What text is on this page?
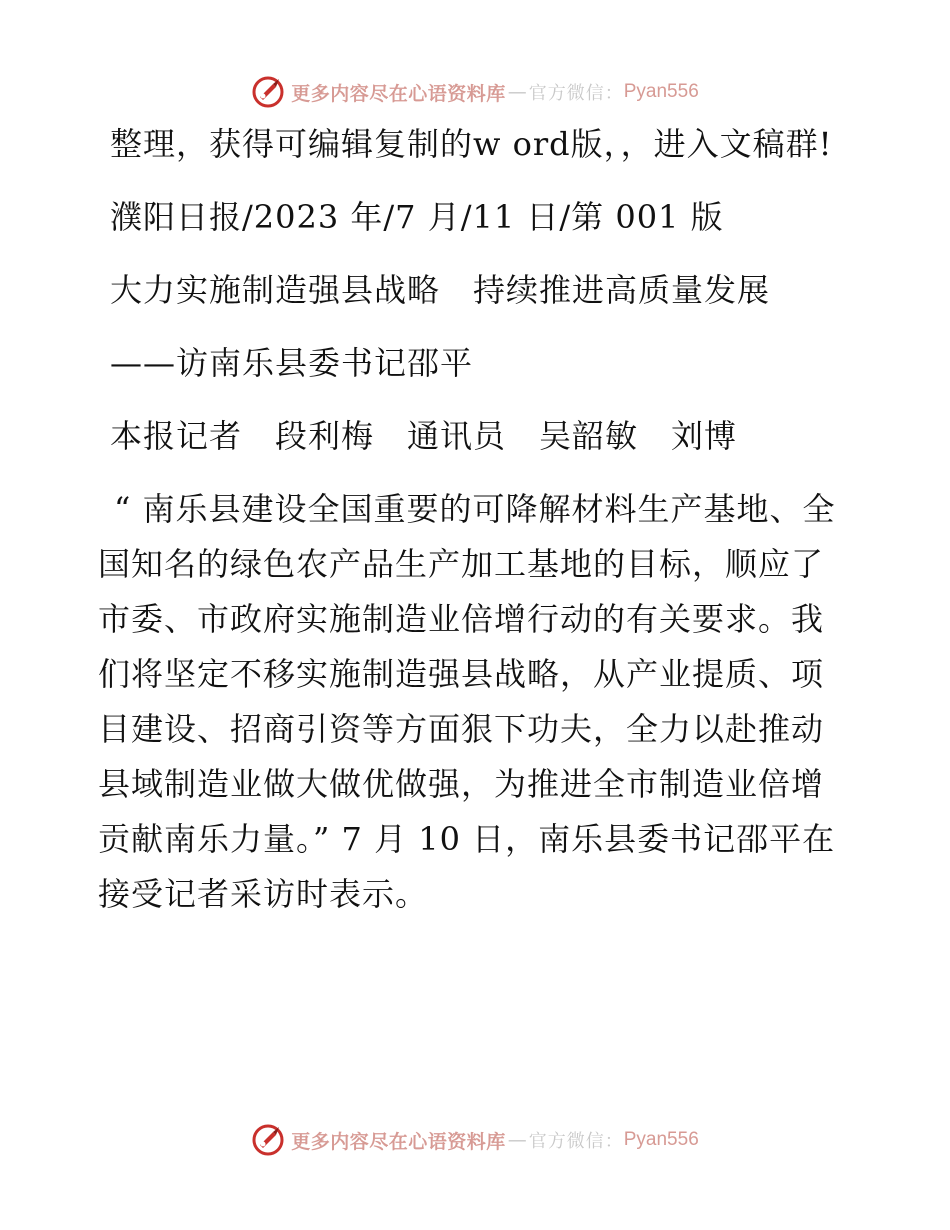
更多内容尽在心语资料库 — 官方微信： Pyan556

整理，获得可编辑复制的w ord版，，进入文稿群!

濮阳日报/2023 年/7 月/11 日/第 001 版

大力实施制造强县战略　持续推进高质量发展

——访南乐县委书记邵平

本报记者　段利梅　通讯员　吴韶敏　刘博

“ 南乐县建设全国重要的可降解材料生产基地、全国知名的绿色农产品生产加工基地的目标，顺应了市委、市政府实施制造业倍增行动的有关要求。我们将坚定不移实施制造强县战略，从产业提质、项目建设、招商引资等方面狠下功夫，全力以赴推动县域制造业做大做优做强，为推进全市制造业倍增贡献南乐力量。” 7 月 10 日，南乐县委书记邵平在接受记者采访时表示。

更多内容尽在心语资料库 — 官方微信： Pyan556
